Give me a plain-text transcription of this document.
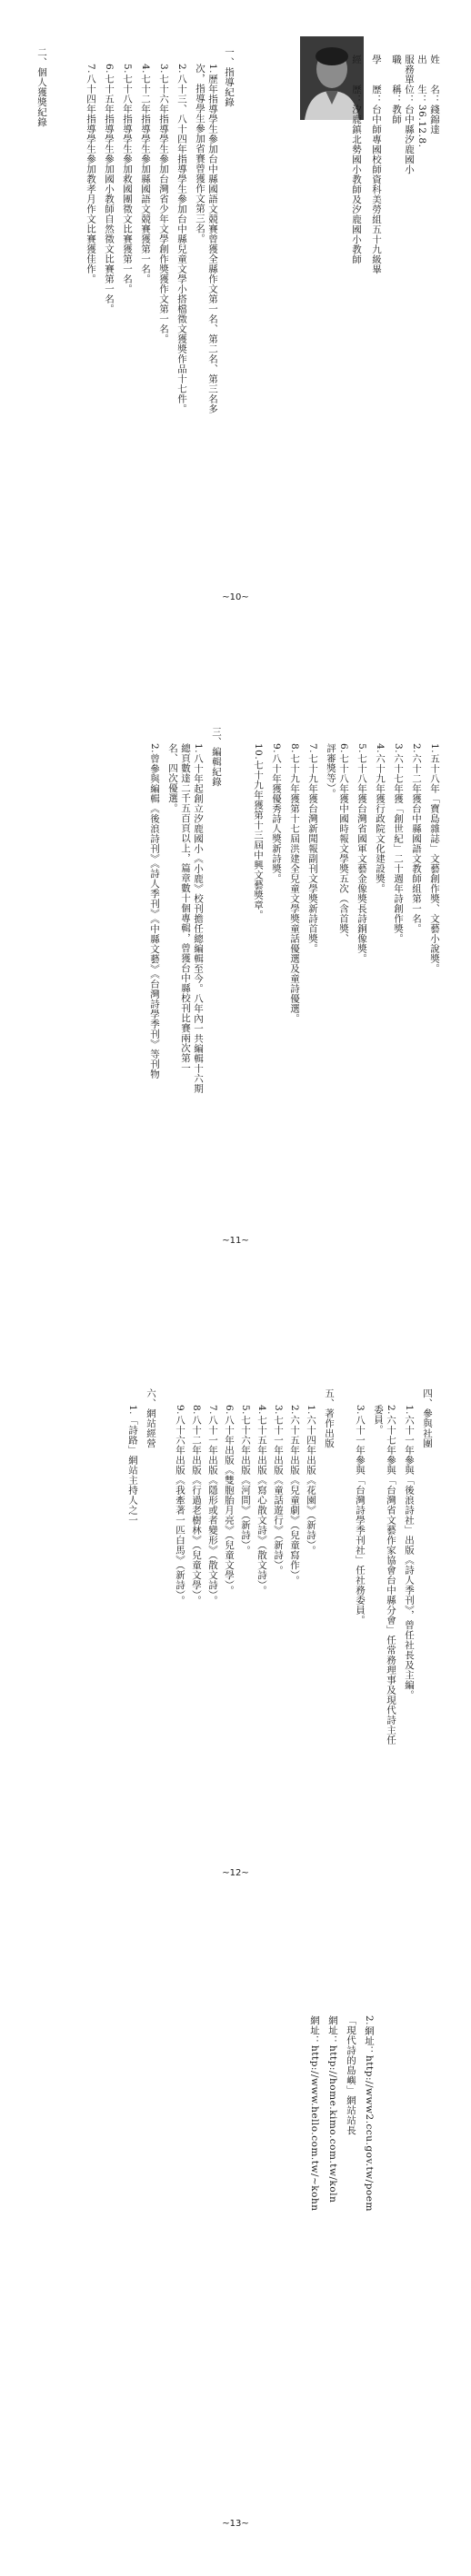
姓　　名：錢錦達
出　　生：36.12.8.
服務單位：台中縣汐鹿國小
職　　稱：教師
學　　歷：台中師專國校師資科美勞組五十九級畢
經　　歷：汐鹿鎮北勢國小教師及汐鹿國小教師
一、指導紀錄
1.歷年指導學生參加台中縣國語文競賽曾獲全縣作文第一名、第二名、第三名多
次，指導學生參加省賽曾獲作文第三名。
2.八十三、八十四年指導學生參加台中縣兒童文學小搭檔徵文獲獎作品十七件。
3.七十六年指導學生參加台灣省少年文學創作獎獲作文第一名。
4.七十二年指導學生參加縣國語文競賽獲第一名。
5.七十八年指導學生參加救國團徵文比賽獲第一名。
6.七十五年指導學生參加國小教師自然徵文比賽第一名。
7.八十四年指導學生參加教孝月作文比賽獲佳作。
二、個人獲獎紀錄
~10~
~11~
1.五十八年「寶島雜誌」文藝創作獎、文藝小說獎。
2.六十二年獲台中縣國語文教師組第一名。
3.六十七年獲「創世紀」二十週年詩創作獎。
4.六十九年獲行政院文化建設獎。
5.七十八年獲台灣省國軍文藝金像獎長詩銅像獎。
6.七十八年獲中國時報文學獎五次（含首獎、
評審獎等）。
7.七十九年獲台灣新聞報副刊文學獎新詩首獎。
8.七十九年獲第十七屆洪建全兒童文學獎童話優選及童詩優選。
9.八十年獲優秀詩人獎新詩獎。
10.七十九年獲第十三屆中興文藝獎章。
三、編輯紀錄
1.八十年起創立汐鹿國小《小鹿》校刊擔任總編輯至今。八年內一共編輯十六期
總頁數達二千五百頁以上，篇章數十個專輯，曾獲台中縣校刊比賽兩次第一
名、四次優選。
2.曾參與編輯《後浪詩刊》《詩人季刊》《中縣文藝》《台灣詩學季刊》等刊物
~12~
四、參與社團
1.六十一年參與「後浪詩社」出版《詩人季刊》，曾任社長及主編。
2.六十七年參與「台灣省文藝作家協會台中縣分會」任常務理事及現代詩主任
委員。
3.八十一年參與「台灣詩學季刊社」任社務委員。
五、著作出版
1.六十四年出版《花園》（新詩）。
2.六十五年出版《兒童劇》（兒童寫作）。
3.七十一年出版《童話遊行》（新詩）。
4.七十五年出版《寫心散文詩》（散文詩）。
5.七十六年出版《河問》（新詩）。
6.八十年出版《雙胞胎月亮》（兒童文學）。
7.八十一年出版《隱形或者變形》（散文詩）。
8.八十二年出版《行過老樹林》（兒童文學）。
9.八十六年出版《我牽著一匹白馬》（新詩）。
六、網站經營
1.「詩路」網站主持人之一
2.網址：http://www2.ccu.gov.tw/poem
「現代詩的島嶼」網站站長
網址：http://home.kimo.com.tw/koln
網址：http://www.hello.com.tw/~kohn
~13~
